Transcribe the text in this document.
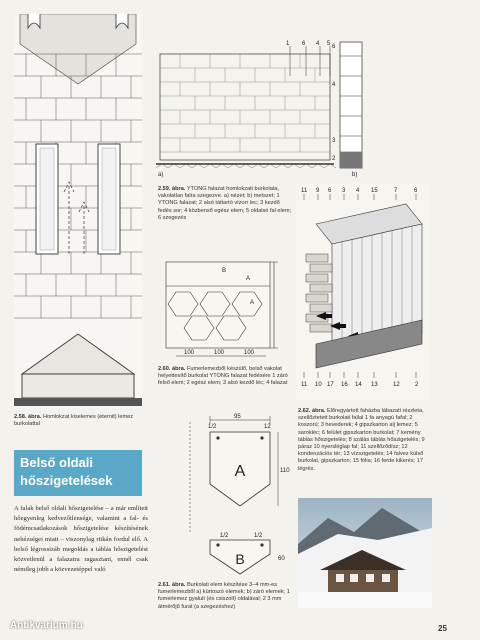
2.58. ábra. Homlokzat kiselemes (eternit) lemez burkolattal
a)
1 6 4 5 6
4
3
2
b)
2.59. ábra. YTONG falazat homlokzati burkolata, vakolatlan falra szegezve. a) nézet; b) metszet; 1 YTONG falazat; 2 alsó táttartó vízorr lec; 3 kezdő fedés sor; 4 közbenső egész elem; 5 oldalsó fal elem; 6 szegezés
B
A
A
100	100	100
2.60. ábra. Fumerlemezből készülő, belső vakolat helyettesítő burkolat YTONG falazat fedésére 1 záró felső elem; 2 egész elem; 3 alsó kezdő léc; 4 falazat
A
95
1/2	12
110
B
1/2	1/2
60
2.61. ábra. Burkolati elem készítése 3–4 mm-es fumerlemezből a) kürtoszó elemek; b) záró elemek; 1 fumerlemez gyalult (és csiszolt) oldalával; 2 3 mm átmérőjű furat (a szegezéshez)
11 9 6 3 4 15	7	6
11 10 17 16 14 13	12	2
2.62. ábra. Előregyártott faházba lábazati részleta, szellőztetett burkolati fallal 1 fa anyagú fafal; 2 koszorú; 3 hevederek; 4 gipszkarton alj lemez; 5 sarokléc; 6 felület gipszkarton burkolat; 7 kemény táblás hőszigetelés; 8 szálás táblás hőszigetelés; 9 páraz 10 nyersléglap fal; 11 szellőződísz; 12 kondenzációs tér; 13 vízszigetelés; 14 falvez külső burkolat, gipszkarton; 15 fólia; 16 ferde kikerés; 17 légrés.
Belső oldali
hőszigetelések
A falak belső oldali hőszigetelése – a már említett hőegyenleg kedvezőtlensége, valamint a fal- és födémcsatlakozások hőszigetelése készítésének nehézségei miatt – viszonylag ritkán fordul elő. A belső légrossizáb megoldás a táblás hőszigetelést közvetlenül a falazatra ragasztani, ennél csak némileg jobb a közvezetéppel való
Antikvarium.hu	25
